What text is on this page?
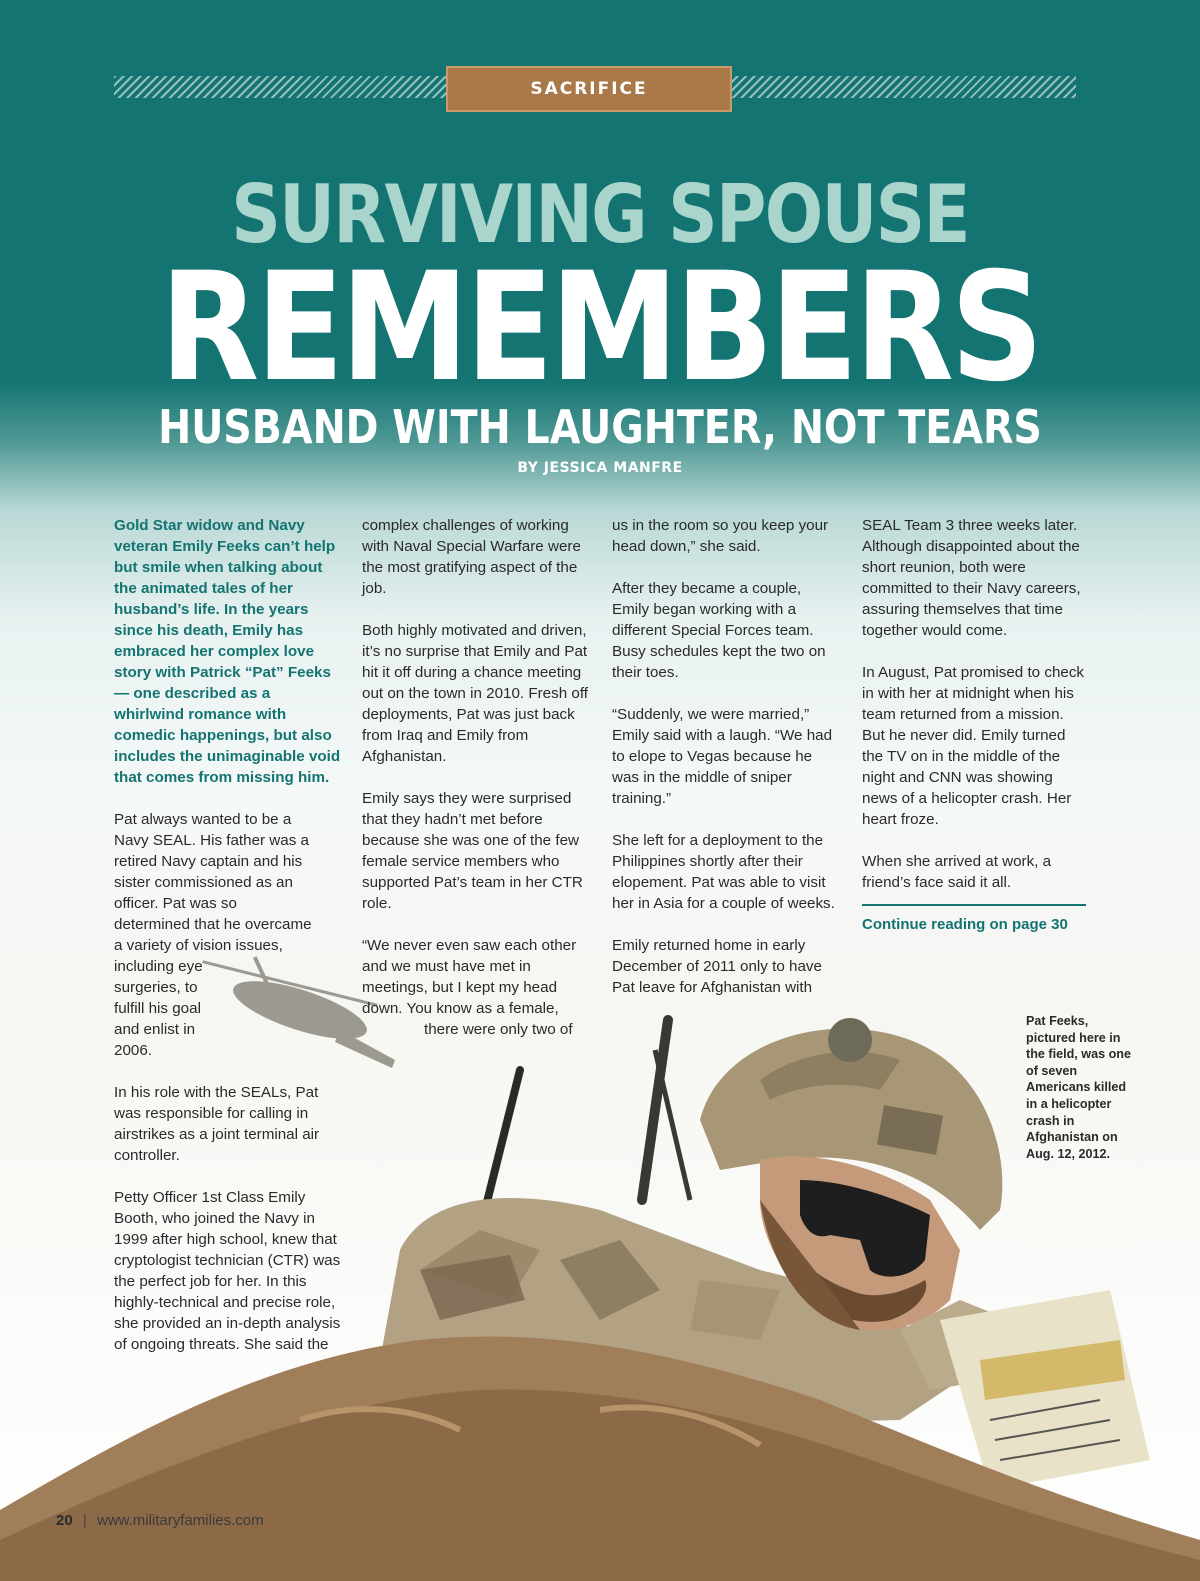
SACRIFICE
SURVIVING SPOUSE
REMEMBERS
HUSBAND WITH LAUGHTER, NOT TEARS
BY JESSICA MANFRE

Gold Star widow and Navy veteran Emily Feeks can’t help but smile when talking about the animated tales of her husband’s life. In the years since his death, Emily has embraced her complex love story with Patrick “Pat” Feeks — one described as a whirlwind romance with comedic happenings, but also includes the unimaginable void that comes from missing him.

Pat always wanted to be a Navy SEAL. His father was a retired Navy captain and his sister commissioned as an officer. Pat was so determined that he overcame a variety of vision issues, including eye
surgeries, to fulfill his goal and enlist in 2006.

In his role with the SEALs, Pat was responsible for calling in airstrikes as a joint terminal air controller.

Petty Officer 1st Class Emily Booth, who joined the Navy in 1999 after high school, knew that cryptologist technician (CTR) was the perfect job for her. In this highly-technical and precise role, she provided an in-depth analysis of ongoing threats. She said the

complex challenges of working with Naval Special Warfare were the most gratifying aspect of the job.

Both highly motivated and driven, it’s no surprise that Emily and Pat hit it off during a chance meeting out on the town in 2010. Fresh off deployments, Pat was just back from Iraq and Emily from Afghanistan.

Emily says they were surprised that they hadn’t met before because she was one of the few female service members who supported Pat’s team in her CTR role.

“We never even saw each other and we must have met in meetings, but I kept my head down. You know as a female,

there were only two of

us in the room so you keep your head down,” she said.

After they became a couple, Emily began working with a different Special Forces team. Busy schedules kept the two on their toes.

“Suddenly, we were married,” Emily said with a laugh. “We had to elope to Vegas because he was in the middle of sniper training.”

She left for a deployment to the Philippines shortly after their elopement. Pat was able to visit her in Asia for a couple of weeks.

Emily returned home in early December of 2011 only to have Pat leave for Afghanistan with

SEAL Team 3 three weeks later. Although disappointed about the short reunion, both were committed to their Navy careers, assuring themselves that time together would come.

In August, Pat promised to check in with her at midnight when his team returned from a mission. But he never did. Emily turned the TV on in the middle of the night and CNN was showing news of a helicopter crash. Her heart froze.

When she arrived at work, a friend’s face said it all.

Continue reading on page 30
Pat Feeks, pictured here in the field, was one of seven Americans killed in a helicopter crash in Afghanistan on Aug. 12, 2012.
20 | www.militaryfamilies.com
